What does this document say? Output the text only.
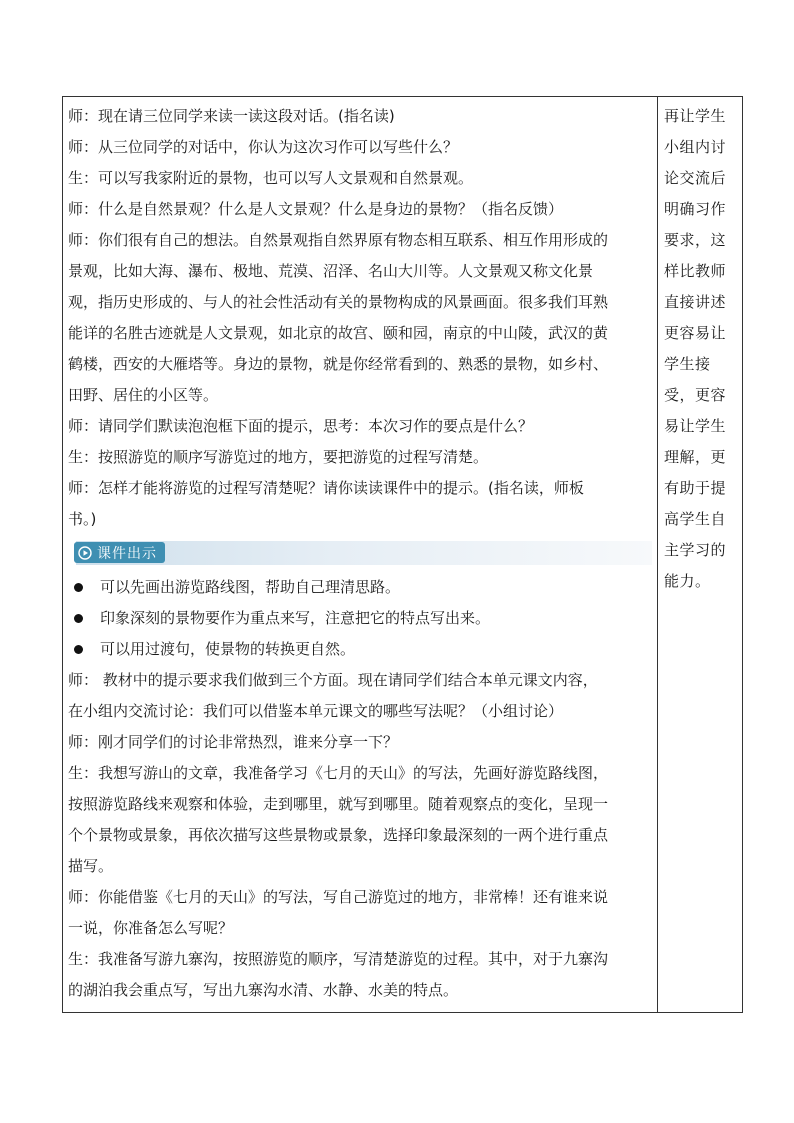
师：现在请三位同学来读一读这段对话。(指名读)
师：从三位同学的对话中，你认为这次习作可以写些什么？
生：可以写我家附近的景物，也可以写人文景观和自然景观。
师：什么是自然景观？什么是人文景观？什么是身边的景物？（指名反馈）
师：你们很有自己的想法。自然景观指自然界原有物态相互联系、相互作用形成的
景观，比如大海、瀑布、极地、荒漠、沼泽、名山大川等。人文景观又称文化景
观，指历史形成的、与人的社会性活动有关的景物构成的风景画面。很多我们耳熟
能详的名胜古迹就是人文景观，如北京的故宫、颐和园，南京的中山陵，武汉的黄
鹤楼，西安的大雁塔等。身边的景物，就是你经常看到的、熟悉的景物，如乡村、
田野、居住的小区等。
师：请同学们默读泡泡框下面的提示，思考：本次习作的要点是什么？
生：按照游览的顺序写游览过的地方，要把游览的过程写清楚。
师：怎样才能将游览的过程写清楚呢？请你读读课件中的提示。(指名读，师板
书。)
课件出示
可以先画出游览路线图，帮助自己理清思路。
印象深刻的景物要作为重点来写，注意把它的特点写出来。
可以用过渡句，使景物的转换更自然。
师： 教材中的提示要求我们做到三个方面。现在请同学们结合本单元课文内容，
在小组内交流讨论：我们可以借鉴本单元课文的哪些写法呢？（小组讨论）
师：刚才同学们的讨论非常热烈，谁来分享一下？
生：我想写游山的文章，我准备学习《七月的天山》的写法，先画好游览路线图，
按照游览路线来观察和体验，走到哪里，就写到哪里。随着观察点的变化，呈现一
个个景物或景象，再依次描写这些景物或景象，选择印象最深刻的一两个进行重点
描写。
师：你能借鉴《七月的天山》的写法，写自己游览过的地方，非常棒！还有谁来说
一说，你准备怎么写呢？
生：我准备写游九寨沟，按照游览的顺序，写清楚游览的过程。其中，对于九寨沟
的湖泊我会重点写，写出九寨沟水清、水静、水美的特点。
再让学生
小组内讨
论交流后
明确习作
要求，这
样比教师
直接讲述
更容易让
学生接
受，更容
易让学生
理解，更
有助于提
高学生自
主学习的
能力。
